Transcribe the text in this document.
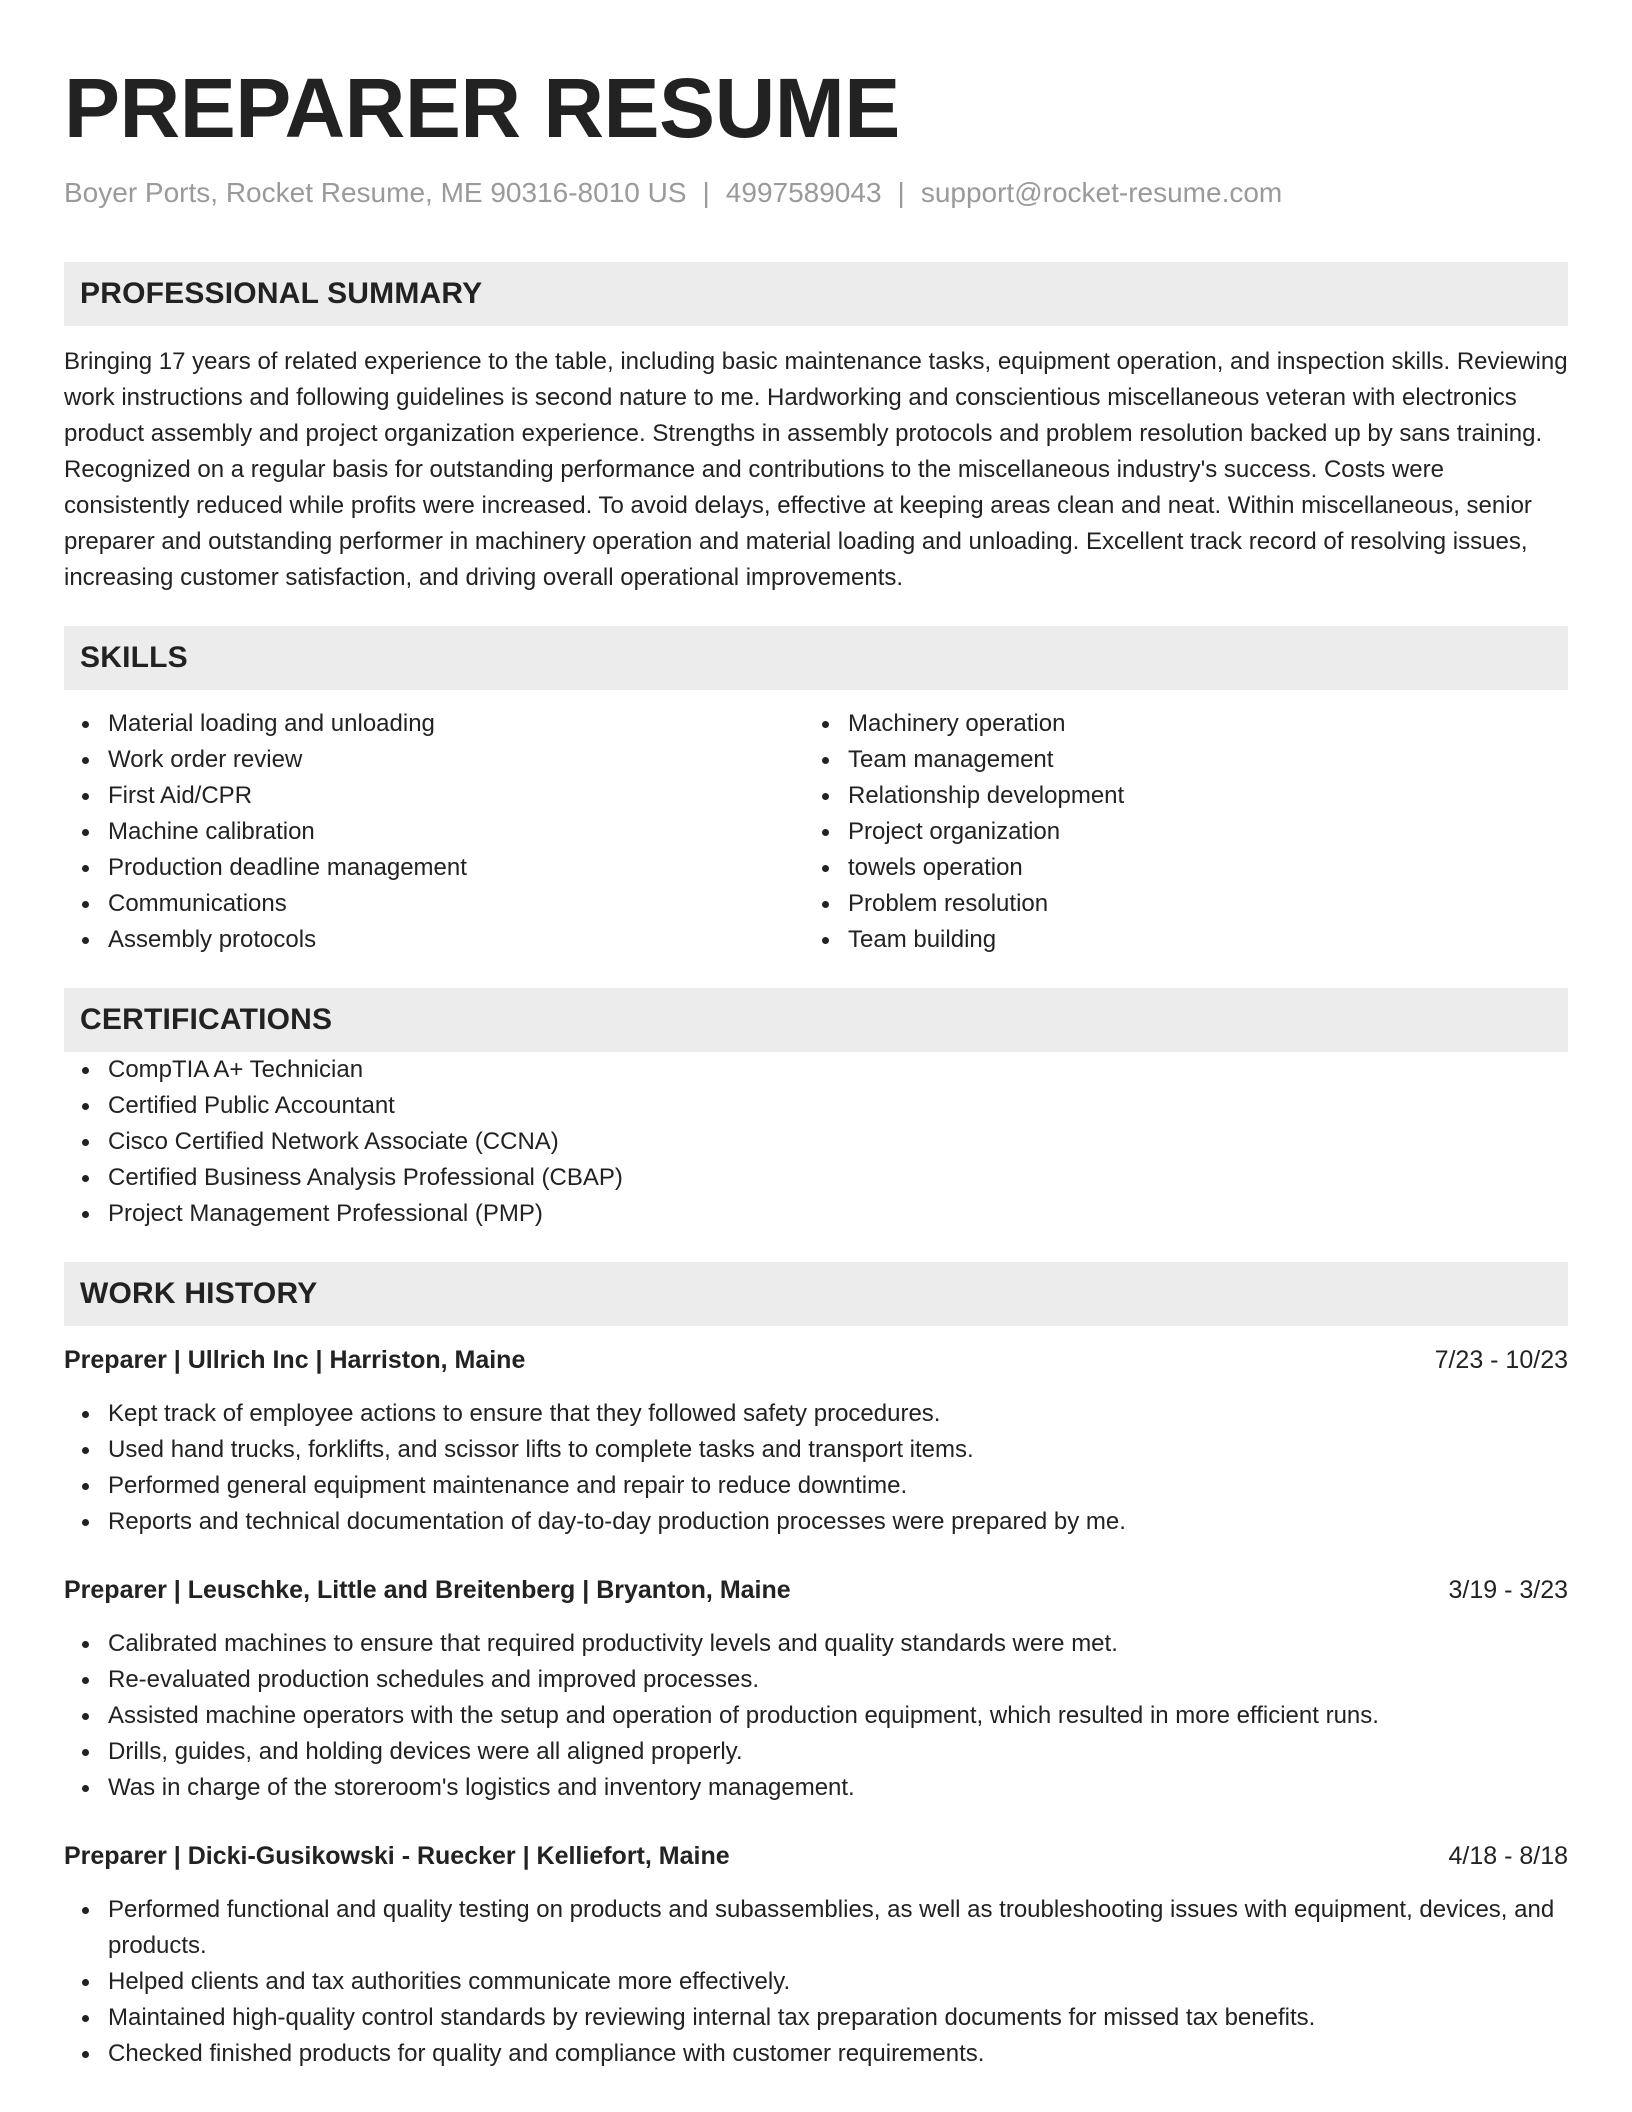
PREPARER RESUME
Boyer Ports, Rocket Resume, ME 90316-8010 US | 4997589043 | support@rocket-resume.com
PROFESSIONAL SUMMARY

Bringing 17 years of related experience to the table, including basic maintenance tasks, equipment operation, and inspection skills. Reviewing work instructions and following guidelines is second nature to me. Hardworking and conscientious miscellaneous veteran with electronics product assembly and project organization experience. Strengths in assembly protocols and problem resolution backed up by sans training. Recognized on a regular basis for outstanding performance and contributions to the miscellaneous industry's success. Costs were consistently reduced while profits were increased. To avoid delays, effective at keeping areas clean and neat. Within miscellaneous, senior preparer and outstanding performer in machinery operation and material loading and unloading. Excellent track record of resolving issues, increasing customer satisfaction, and driving overall operational improvements.

SKILLS
Material loading and unloading
Work order review
First Aid/CPR
Machine calibration
Production deadline management
Communications
Assembly protocols
Machinery operation
Team management
Relationship development
Project organization
towels operation
Problem resolution
Team building
CERTIFICATIONS
CompTIA A+ Technician
Certified Public Accountant
Cisco Certified Network Associate (CCNA)
Certified Business Analysis Professional (CBAP)
Project Management Professional (PMP)
WORK HISTORY
Preparer | Ullrich Inc | Harriston, Maine	7/23 - 10/23
Kept track of employee actions to ensure that they followed safety procedures.
Used hand trucks, forklifts, and scissor lifts to complete tasks and transport items.
Performed general equipment maintenance and repair to reduce downtime.
Reports and technical documentation of day-to-day production processes were prepared by me.
Preparer | Leuschke, Little and Breitenberg | Bryanton, Maine	3/19 - 3/23
Calibrated machines to ensure that required productivity levels and quality standards were met.
Re-evaluated production schedules and improved processes.
Assisted machine operators with the setup and operation of production equipment, which resulted in more efficient runs.
Drills, guides, and holding devices were all aligned properly.
Was in charge of the storeroom's logistics and inventory management.
Preparer | Dicki-Gusikowski - Ruecker | Kelliefort, Maine	4/18 - 8/18
Performed functional and quality testing on products and subassemblies, as well as troubleshooting issues with equipment, devices, and products.
Helped clients and tax authorities communicate more effectively.
Maintained high-quality control standards by reviewing internal tax preparation documents for missed tax benefits.
Checked finished products for quality and compliance with customer requirements.
